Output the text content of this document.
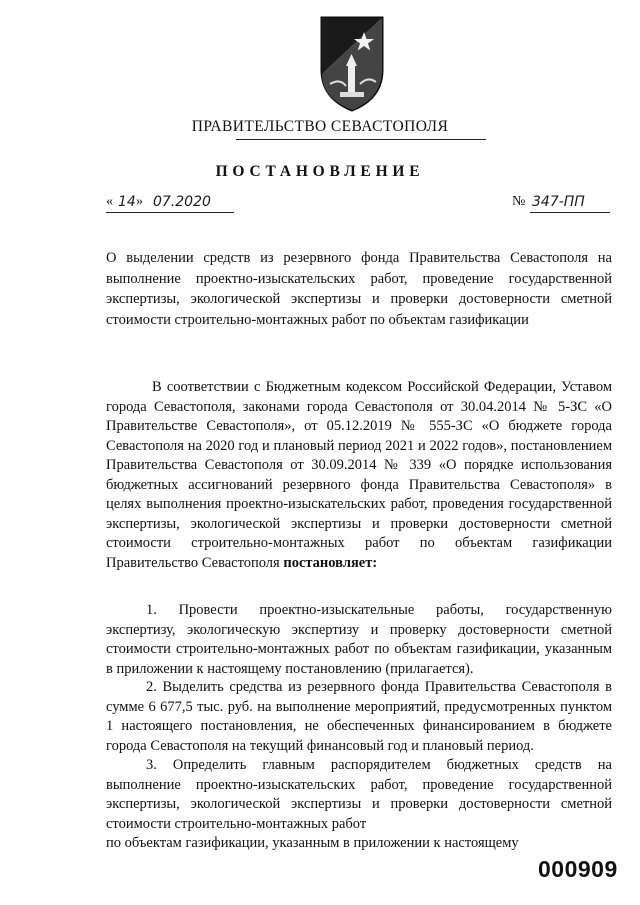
ПРАВИТЕЛЬСТВО СЕВАСТОПОЛЯ
ПОСТАНОВЛЕНИЕ
« 14 » 07.2020	№ 347-ПП
О выделении средств из резервного фонда Правительства Севастополя на выполнение проектно-изыскательских работ, проведение государственной экспертизы, экологической экспертизы и проверки достоверности сметной стоимости строительно-монтажных работ по объектам газификации
В соответствии с Бюджетным кодексом Российской Федерации, Уставом города Севастополя, законами города Севастополя от 30.04.2014 № 5-ЗС «О Правительстве Севастополя», от 05.12.2019 № 555-ЗС «О бюджете города Севастополя на 2020 год и плановый период 2021 и 2022 годов», постановлением Правительства Севастополя от 30.09.2014 № 339 «О порядке использования бюджетных ассигнований резервного фонда Правительства Севастополя» в целях выполнения проектно-изыскательских работ, проведения государственной экспертизы, экологической экспертизы и проверки достоверности сметной стоимости строительно-монтажных работ по объектам газификации Правительство Севастополя постановляет:
1. Провести проектно-изыскательные работы, государственную экспертизу, экологическую экспертизу и проверку достоверности сметной стоимости строительно-монтажных работ по объектам газификации, указанным в приложении к настоящему постановлению (прилагается).
2. Выделить средства из резервного фонда Правительства Севастополя в сумме 6 677,5 тыс. руб. на выполнение мероприятий, предусмотренных пунктом 1 настоящего постановления, не обеспеченных финансированием в бюджете города Севастополя на текущий финансовый год и плановый период.
3. Определить главным распорядителем бюджетных средств на выполнение проектно-изыскательских работ, проведение государственной экспертизы, экологической экспертизы и проверки достоверности сметной стоимости строительно-монтажных работ
по объектам газификации, указанным в приложении к настоящему
000909
